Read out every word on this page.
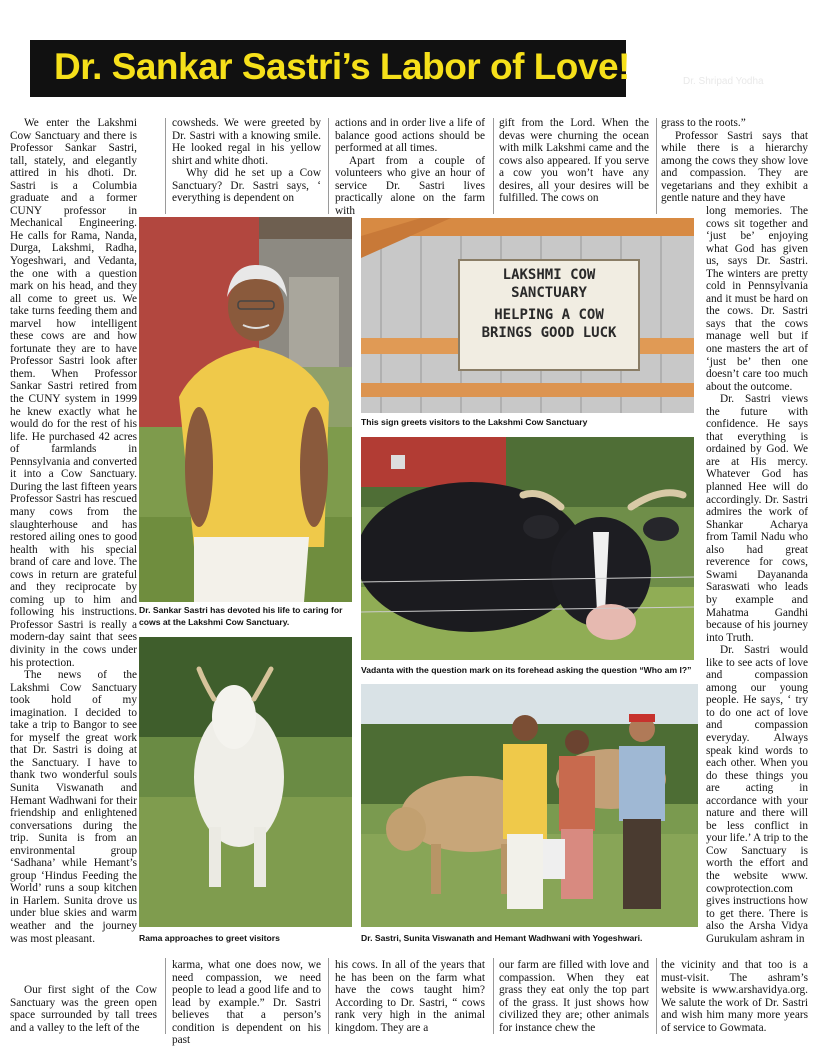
Dr. Sankar Sastri’s Labor of Love!	Dr. Shripad Yodha

We enter the Lakshmi Cow Sanctuary and there is Professor Sankar Sastri, tall, stately, and elegantly attired in his dhoti. Dr. Sastri is a Columbia graduate and a former CUNY professor in Mechanical Engineering. He calls for Rama, Nanda, Durga, Lakshmi, Radha, Yogeshwari, and Vedanta, the one with a question mark on his head, and they all come to greet us. We take turns feeding them and marvel how intelligent these cows are and how fortunate they are to have Professor Sastri look after them. When Professor Sankar Sastri retired from the CUNY system in 1999 he knew exactly what he would do for the rest of his life. He purchased 42 acres of farmlands in Pennsylvania and converted it into a Cow Sanctuary. During the last fifteen years Professor Sastri has rescued many cows from the slaughterhouse and has restored ailing ones to good health with his special brand of care and love. The cows in return are grateful and they reciprocate by coming up to him and following his instructions. Professor Sastri is really a modern-day saint that sees divinity in the cows under his protection.

The news of the Lakshmi Cow Sanctuary took hold of my imagination. I decided to take a trip to Bangor to see for myself the great work that Dr. Sastri is doing at the Sanctuary. I have to thank two wonderful souls Sunita Viswanath and Hemant Wadhwani for their friendship and enlightened conversations during the trip. Sunita is from an environmental group ‘Sadhana’ while Hemant’s group ‘Hindus Feeding the World’ runs a soup kitchen in Harlem. Sunita drove us under blue skies and warm weather and the journey was most pleasant.

Our first sight of the Cow Sanctuary was the green open space surrounded by tall trees and a valley to the left of the

cowsheds. We were greeted by Dr. Sastri with a knowing smile. He looked regal in his yellow shirt and white dhoti.

Why did he set up a Cow Sanctuary? Dr. Sastri says, ‘ everything is dependent on

actions and in order live a life of balance good actions should be performed at all times.

Apart from a couple of volunteers who give an hour of service Dr. Sastri lives practically alone on the farm with

gift from the Lord. When the devas were churning the ocean with milk Lakshmi came and the cows also appeared. If you serve a cow you won’t have any desires, all your desires will be fulfilled. The cows on

grass to the roots.”

Professor Sastri says that while there is a hierarchy among the cows they show love and compassion. They are vegetarians and they exhibit a gentle nature and they have

long memories. The cows sit together and ‘just be’ enjoying what God has given us, says Dr. Sastri. The winters are pretty cold in Pennsylvania and it must be hard on the cows. Dr. Sastri says that the cows manage well but if one masters the art of ‘just be’ then one doesn’t care too much about the outcome.

Dr. Sastri views the future with confidence. He says that everything is ordained by God. We are at His mercy. Whatever God has planned Hee will do accordingly. Dr. Sastri admires the work of Shankar Acharya from Tamil Nadu who also had great reverence for cows, Swami Dayananda Saraswati who leads by example and Mahatma Gandhi because of his journey into Truth.

Dr. Sastri would like to see acts of love and compassion among our young people. He says, ‘ try to do one act of love and compassion everyday. Always speak kind words to each other. When you do these things you are acting in accordance with your nature and there will be less conflict in your life.’ A trip to the Cow Sanctuary is worth the effort and the website www. cowprotection.com gives instructions how to get there. There is also the Arsha Vidya Gurukulam ashram in

karma, what one does now, we need compassion, we need people to lead a good life and to lead by example.” Dr. Sastri believes that a person’s condition is dependent on his past

his cows. In all of the years that he has been on the farm what have the cows taught him? According to Dr. Sastri, “ cows rank very high in the animal kingdom. They are a

our farm are filled with love and compassion. When they eat grass they eat only the top part of the grass. It just shows how civilized they are; other animals for instance chew the

the vicinity and that too is a must-visit. The ashram’s website is www.arshavidya.org. We salute the work of Dr. Sastri and wish him many more years of service to Gowmata.

Dr. Sankar Sastri has devoted his life to caring for cows at the Lakshmi Cow Sanctuary.
LAKSHMI COW
SANCTUARY
HELPING A COW
BRINGS GOOD LUCK
This sign greets visitors to the Lakshmi Cow Sanctuary
Vadanta with the question mark on its forehead asking the question “Who am I?”
Rama approaches to greet visitors	Dr. Sastri, Sunita Viswanath and Hemant Wadhwani with Yogeshwari.
